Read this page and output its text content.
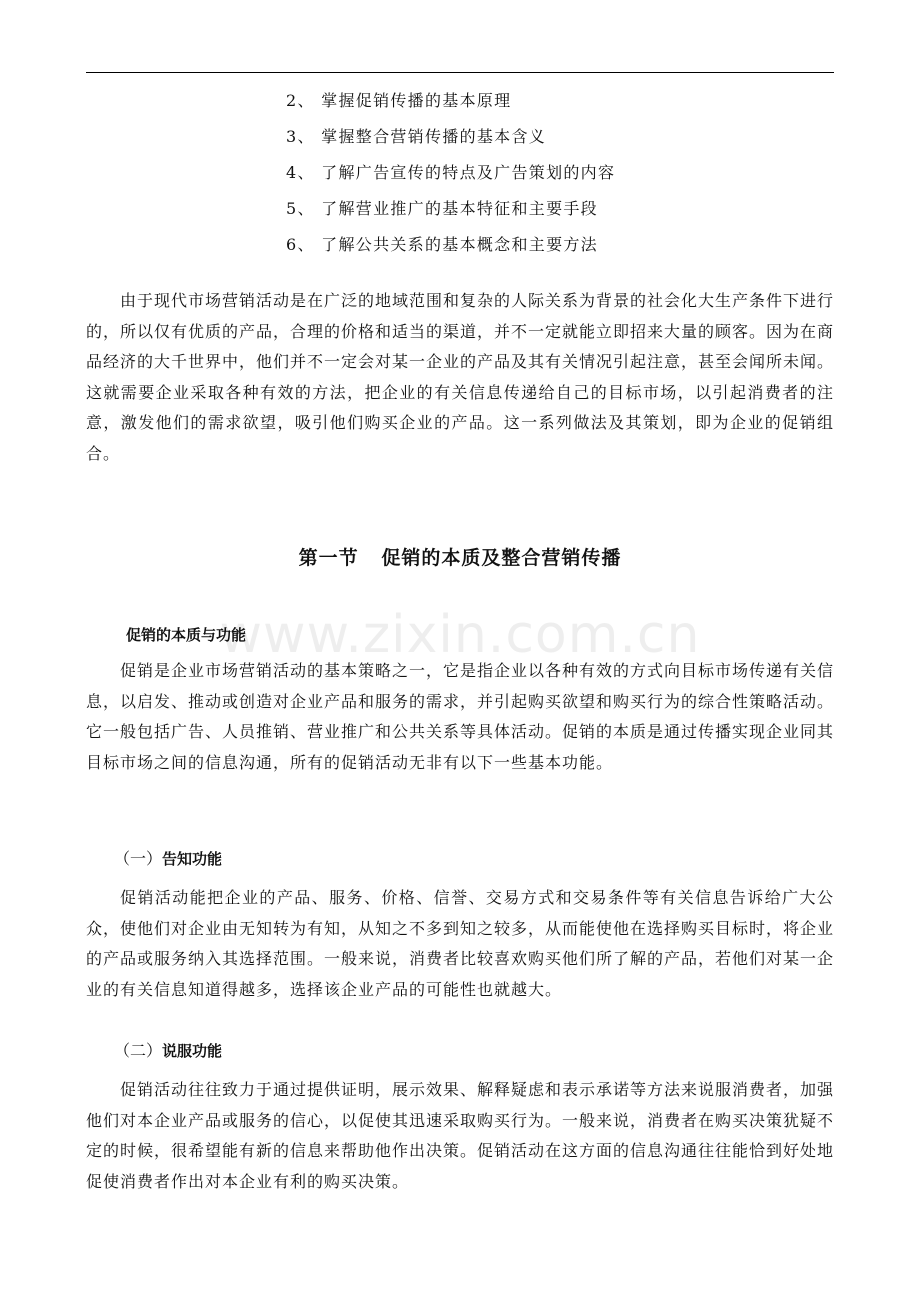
2、 掌握促销传播的基本原理
3、 掌握整合营销传播的基本含义
4、 了解广告宣传的特点及广告策划的内容
5、 了解营业推广的基本特征和主要手段
6、 了解公共关系的基本概念和主要方法

由于现代市场营销活动是在广泛的地域范围和复杂的人际关系为背景的社会化大生产条件下进行的，所以仅有优质的产品，合理的价格和适当的渠道，并不一定就能立即招来大量的顾客。因为在商品经济的大千世界中，他们并不一定会对某一企业的产品及其有关情况引起注意，甚至会闻所未闻。这就需要企业采取各种有效的方法，把企业的有关信息传递给自己的目标市场，以引起消费者的注意，激发他们的需求欲望，吸引他们购买企业的产品。这一系列做法及其策划，即为企业的促销组合。

第一节   促销的本质及整合营销传播
www.zixin.com.cn
促销的本质与功能

促销是企业市场营销活动的基本策略之一，它是指企业以各种有效的方式向目标市场传递有关信息，以启发、推动或创造对企业产品和服务的需求，并引起购买欲望和购买行为的综合性策略活动。它一般包括广告、人员推销、营业推广和公共关系等具体活动。促销的本质是通过传播实现企业同其目标市场之间的信息沟通，所有的促销活动无非有以下一些基本功能。

（一）告知功能

促销活动能把企业的产品、服务、价格、信誉、交易方式和交易条件等有关信息告诉给广大公众，使他们对企业由无知转为有知，从知之不多到知之较多，从而能使他在选择购买目标时，将企业的产品或服务纳入其选择范围。一般来说，消费者比较喜欢购买他们所了解的产品，若他们对某一企业的有关信息知道得越多，选择该企业产品的可能性也就越大。

（二）说服功能

促销活动往往致力于通过提供证明，展示效果、解释疑虑和表示承诺等方法来说服消费者，加强他们对本企业产品或服务的信心，以促使其迅速采取购买行为。一般来说，消费者在购买决策犹疑不定的时候，很希望能有新的信息来帮助他作出决策。促销活动在这方面的信息沟通往往能恰到好处地促使消费者作出对本企业有利的购买决策。
